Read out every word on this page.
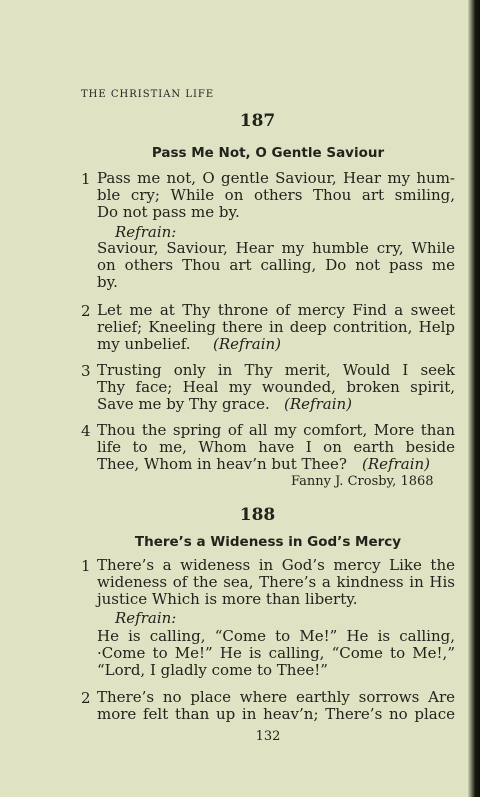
THE CHRISTIAN LIFE
187
Pass Me Not, O Gentle Saviour
1 Pass me not, O gentle Saviour, Hear my hum-
ble cry; While on others Thou art smiling,
Do not pass me by.
Refrain:
Saviour, Saviour, Hear my humble cry, While
on others Thou art calling, Do not pass me
by.
2 Let me at Thy throne of mercy Find a sweet
relief; Kneeling there in deep contrition, Help
my unbelief. (Refrain)
3 Trusting only in Thy merit, Would I seek
Thy face; Heal my wounded, broken spirit,
Save me by Thy grace. (Refrain)
4 Thou the spring of all my comfort, More than
life to me, Whom have I on earth beside
Thee, Whom in heav’n but Thee? (Refrain)
Fanny J. Crosby, 1868
188
There’s a Wideness in God’s Mercy
1 There’s a wideness in God’s mercy Like the
wideness of the sea, There’s a kindness in His
justice Which is more than liberty.
Refrain:
He is calling, “Come to Me!” He is calling,
·Come to Me!” He is calling, “Come to Me!,”
“Lord, I gladly come to Thee!”
2 There’s no place where earthly sorrows Are
more felt than up in heav’n; There’s no place
132
